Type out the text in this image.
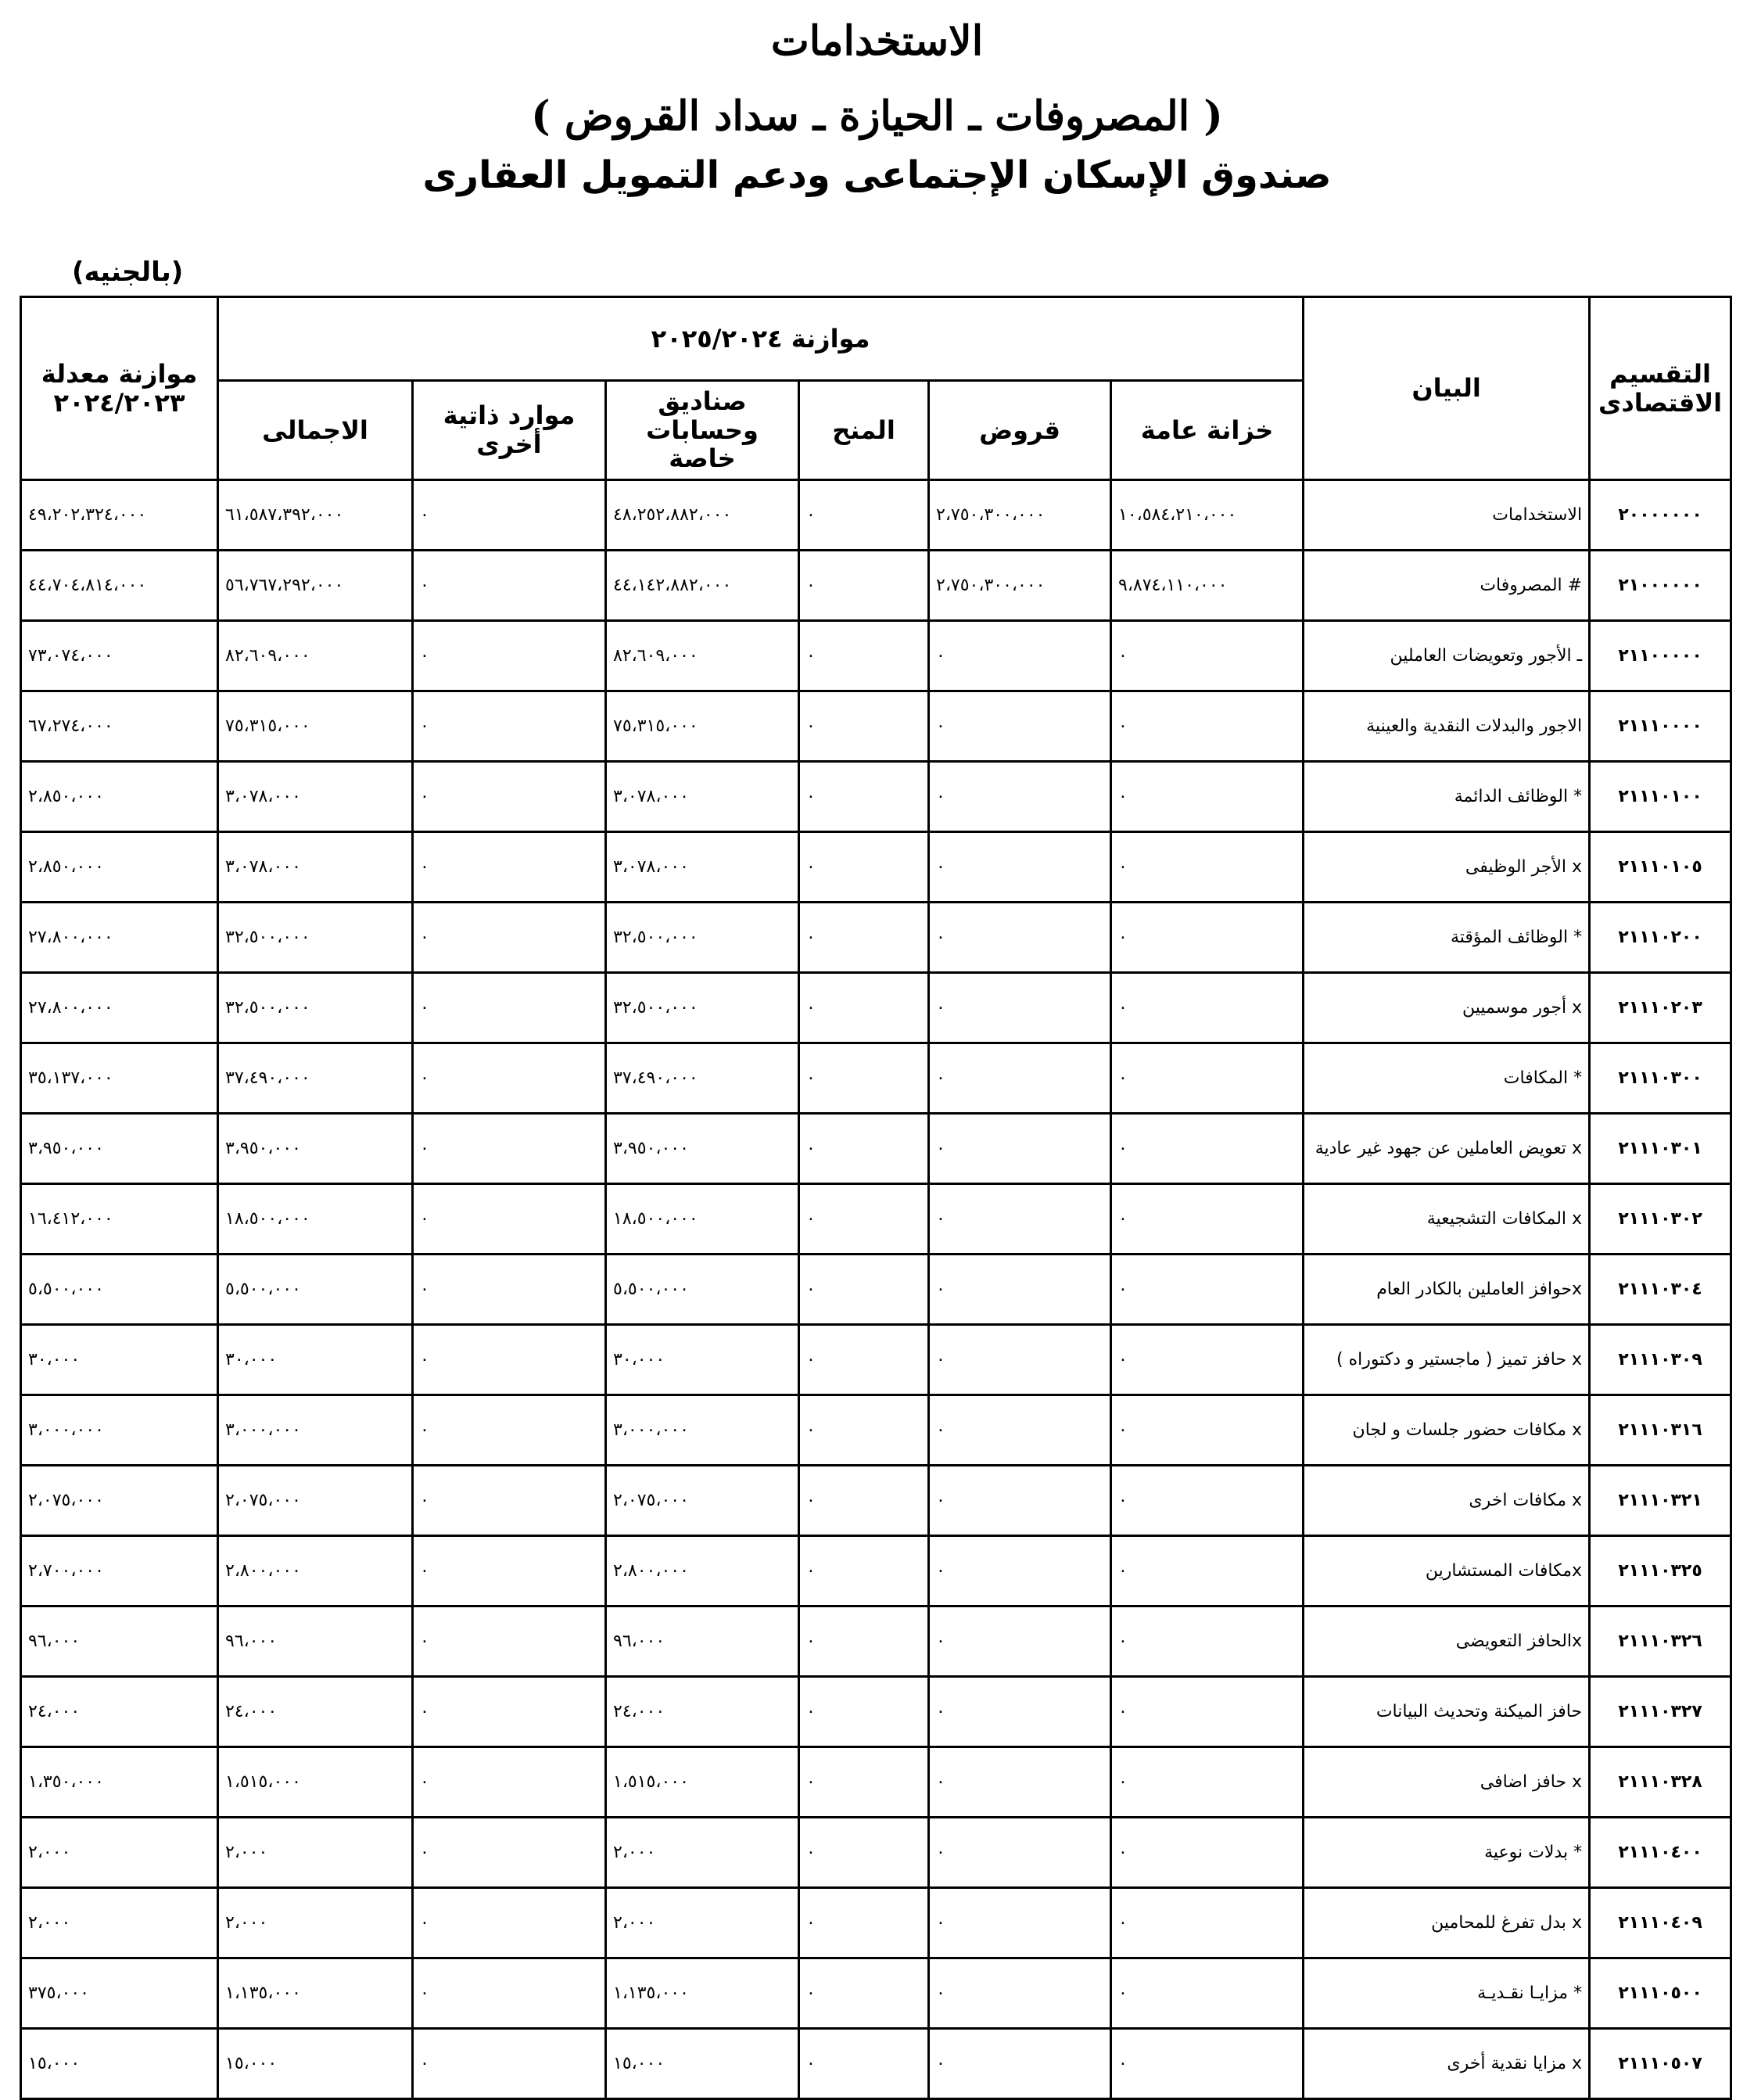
الاستخدامات
( المصروفات ـ الحيازة ـ سداد القروض )
صندوق الإسكان الإجتماعى ودعم التمويل العقارى
(بالجنيه)
موازنة معدلة ٢٠٢٤/٢٠٢٣	موازنة ٢٠٢٥/٢٠٢٤						البيان	التقسيم الاقتصادى
	الاجمالى	موارد ذاتية أخرى	صناديق وحسابات خاصة	المنح	قروض	خزانة عامة		
٤٩،٢٠٢،٣٢٤،٠٠٠	٦١،٥٨٧،٣٩٢،٠٠٠	٠	٤٨،٢٥٢،٨٨٢،٠٠٠	٠	٢،٧٥٠،٣٠٠،٠٠٠	١٠،٥٨٤،٢١٠،٠٠٠	الاستخدامات	٢٠٠٠٠٠٠٠
٤٤،٧٠٤،٨١٤،٠٠٠	٥٦،٧٦٧،٢٩٢،٠٠٠	٠	٤٤،١٤٢،٨٨٢،٠٠٠	٠	٢،٧٥٠،٣٠٠،٠٠٠	٩،٨٧٤،١١٠،٠٠٠	# المصروفات	٢١٠٠٠٠٠٠
٧٣،٠٧٤،٠٠٠	٨٢،٦٠٩،٠٠٠	٠	٨٢،٦٠٩،٠٠٠	٠	٠	٠	ـ الأجور وتعويضات العاملين	٢١١٠٠٠٠٠
٦٧،٢٧٤،٠٠٠	٧٥،٣١٥،٠٠٠	٠	٧٥،٣١٥،٠٠٠	٠	٠	٠	الاجور والبدلات النقدية والعينية	٢١١١٠٠٠٠
٢،٨٥٠،٠٠٠	٣،٠٧٨،٠٠٠	٠	٣،٠٧٨،٠٠٠	٠	٠	٠	* الوظائف الدائمة	٢١١١٠١٠٠
٢،٨٥٠،٠٠٠	٣،٠٧٨،٠٠٠	٠	٣،٠٧٨،٠٠٠	٠	٠	٠	x الأجر الوظيفى	٢١١١٠١٠٥
٢٧،٨٠٠،٠٠٠	٣٢،٥٠٠،٠٠٠	٠	٣٢،٥٠٠،٠٠٠	٠	٠	٠	* الوظائف المؤقتة	٢١١١٠٢٠٠
٢٧،٨٠٠،٠٠٠	٣٢،٥٠٠،٠٠٠	٠	٣٢،٥٠٠،٠٠٠	٠	٠	٠	x أجور موسميين	٢١١١٠٢٠٣
٣٥،١٣٧،٠٠٠	٣٧،٤٩٠،٠٠٠	٠	٣٧،٤٩٠،٠٠٠	٠	٠	٠	* المكافات	٢١١١٠٣٠٠
٣،٩٥٠،٠٠٠	٣،٩٥٠،٠٠٠	٠	٣،٩٥٠،٠٠٠	٠	٠	٠	x تعويض العاملين عن جهود غير عادية	٢١١١٠٣٠١
١٦،٤١٢،٠٠٠	١٨،٥٠٠،٠٠٠	٠	١٨،٥٠٠،٠٠٠	٠	٠	٠	x المكافات التشجيعية	٢١١١٠٣٠٢
٥،٥٠٠،٠٠٠	٥،٥٠٠،٠٠٠	٠	٥،٥٠٠،٠٠٠	٠	٠	٠	xحوافز العاملين بالكادر العام	٢١١١٠٣٠٤
٣٠،٠٠٠	٣٠،٠٠٠	٠	٣٠،٠٠٠	٠	٠	٠	x حافز تميز ( ماجستير و دكتوراه )	٢١١١٠٣٠٩
٣،٠٠٠،٠٠٠	٣،٠٠٠،٠٠٠	٠	٣،٠٠٠،٠٠٠	٠	٠	٠	x مكافات حضور جلسات و لجان	٢١١١٠٣١٦
٢،٠٧٥،٠٠٠	٢،٠٧٥،٠٠٠	٠	٢،٠٧٥،٠٠٠	٠	٠	٠	x مكافات اخرى	٢١١١٠٣٢١
٢،٧٠٠،٠٠٠	٢،٨٠٠،٠٠٠	٠	٢،٨٠٠،٠٠٠	٠	٠	٠	xمكافات المستشارين	٢١١١٠٣٢٥
٩٦،٠٠٠	٩٦،٠٠٠	٠	٩٦،٠٠٠	٠	٠	٠	xالحافز التعويضى	٢١١١٠٣٢٦
٢٤،٠٠٠	٢٤،٠٠٠	٠	٢٤،٠٠٠	٠	٠	٠	حافز الميكنة وتحديث البيانات	٢١١١٠٣٢٧
١،٣٥٠،٠٠٠	١،٥١٥،٠٠٠	٠	١،٥١٥،٠٠٠	٠	٠	٠	x حافز اضافى	٢١١١٠٣٢٨
٢،٠٠٠	٢،٠٠٠	٠	٢،٠٠٠	٠	٠	٠	* بدلات نوعية	٢١١١٠٤٠٠
٢،٠٠٠	٢،٠٠٠	٠	٢،٠٠٠	٠	٠	٠	x بدل تفرغ للمحامين	٢١١١٠٤٠٩
٣٧٥،٠٠٠	١،١٣٥،٠٠٠	٠	١،١٣٥،٠٠٠	٠	٠	٠	* مزايـا نقـديـة	٢١١١٠٥٠٠
١٥،٠٠٠	١٥،٠٠٠	٠	١٥،٠٠٠	٠	٠	٠	x مزايا نقدية أخرى	٢١١١٠٥٠٧
